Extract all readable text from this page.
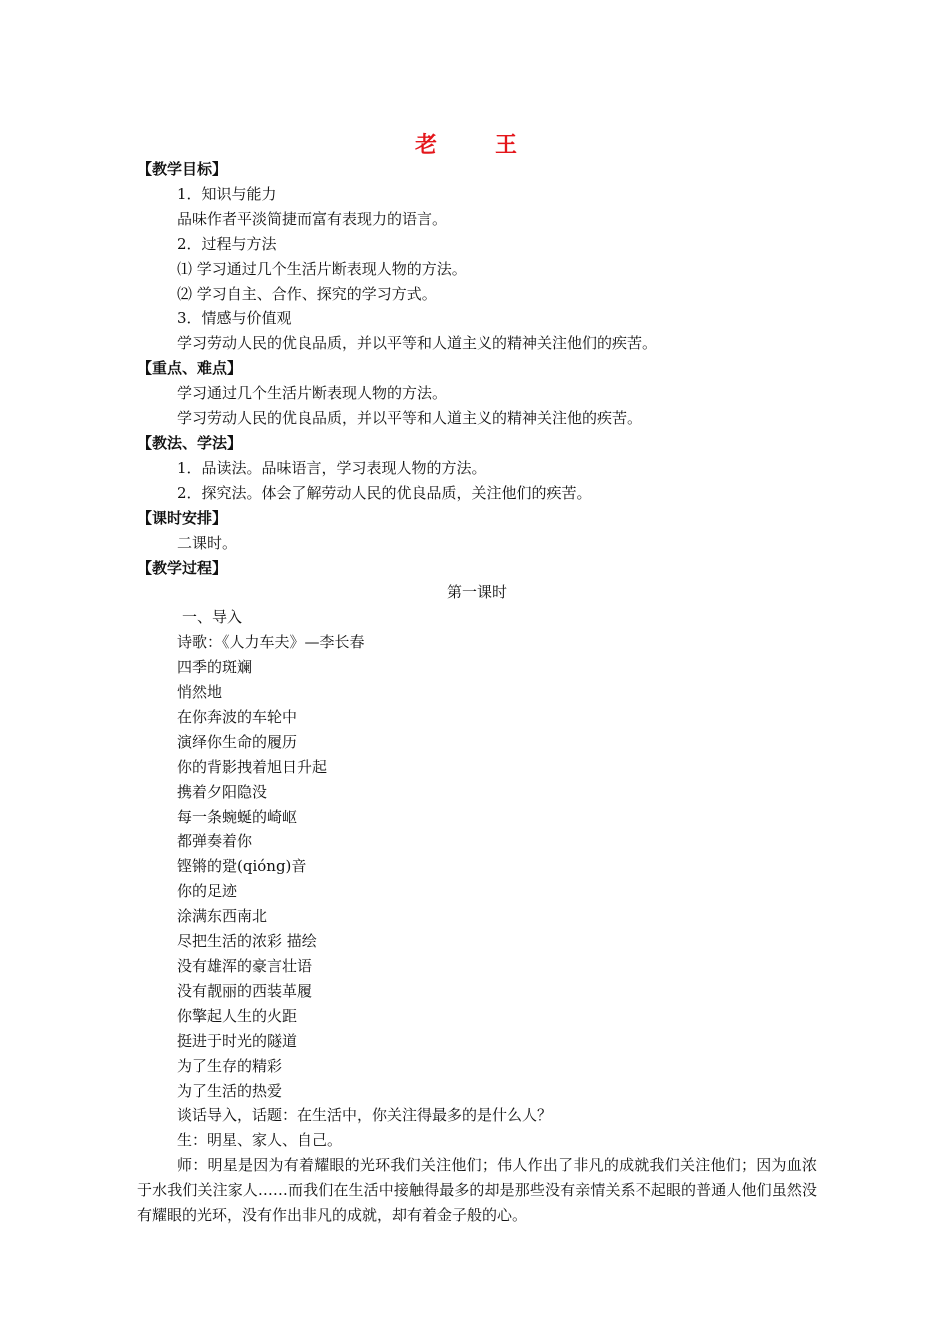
老　王
【教学目标】
1．知识与能力
品味作者平淡简捷而富有表现力的语言。
2．过程与方法
⑴ 学习通过几个生活片断表现人物的方法。
⑵ 学习自主、合作、探究的学习方式。
3．情感与价值观
学习劳动人民的优良品质，并以平等和人道主义的精神关注他们的疾苦。
【重点、难点】
学习通过几个生活片断表现人物的方法。
学习劳动人民的优良品质，并以平等和人道主义的精神关注他的疾苦。
【教法、学法】
1．品读法。品味语言，学习表现人物的方法。
2．探究法。体会了解劳动人民的优良品质，关注他们的疾苦。
【课时安排】
二课时。
【教学过程】
第一课时
一、导入
诗歌：《人力车夫》—李长春
四季的斑斓
悄然地
在你奔波的车轮中
演绎你生命的履历
你的背影拽着旭日升起
携着夕阳隐没
每一条蜿蜒的崎岖
都弹奏着你
铿锵的跫(qióng)音
你的足迹
涂满东西南北
尽把生活的浓彩 描绘
没有雄浑的豪言壮语
没有靓丽的西装革履
你擎起人生的火距
挺进于时光的隧道
为了生存的精彩
为了生活的热爱
谈话导入，话题：在生活中，你关注得最多的是什么人？
生：明星、家人、自己。
师：明星是因为有着耀眼的光环我们关注他们；伟人作出了非凡的成就我们关注他们；因为血浓于水我们关注家人……而我们在生活中接触得最多的却是那些没有亲情关系不起眼的普通人他们虽然没有耀眼的光环，没有作出非凡的成就，却有着金子般的心。
